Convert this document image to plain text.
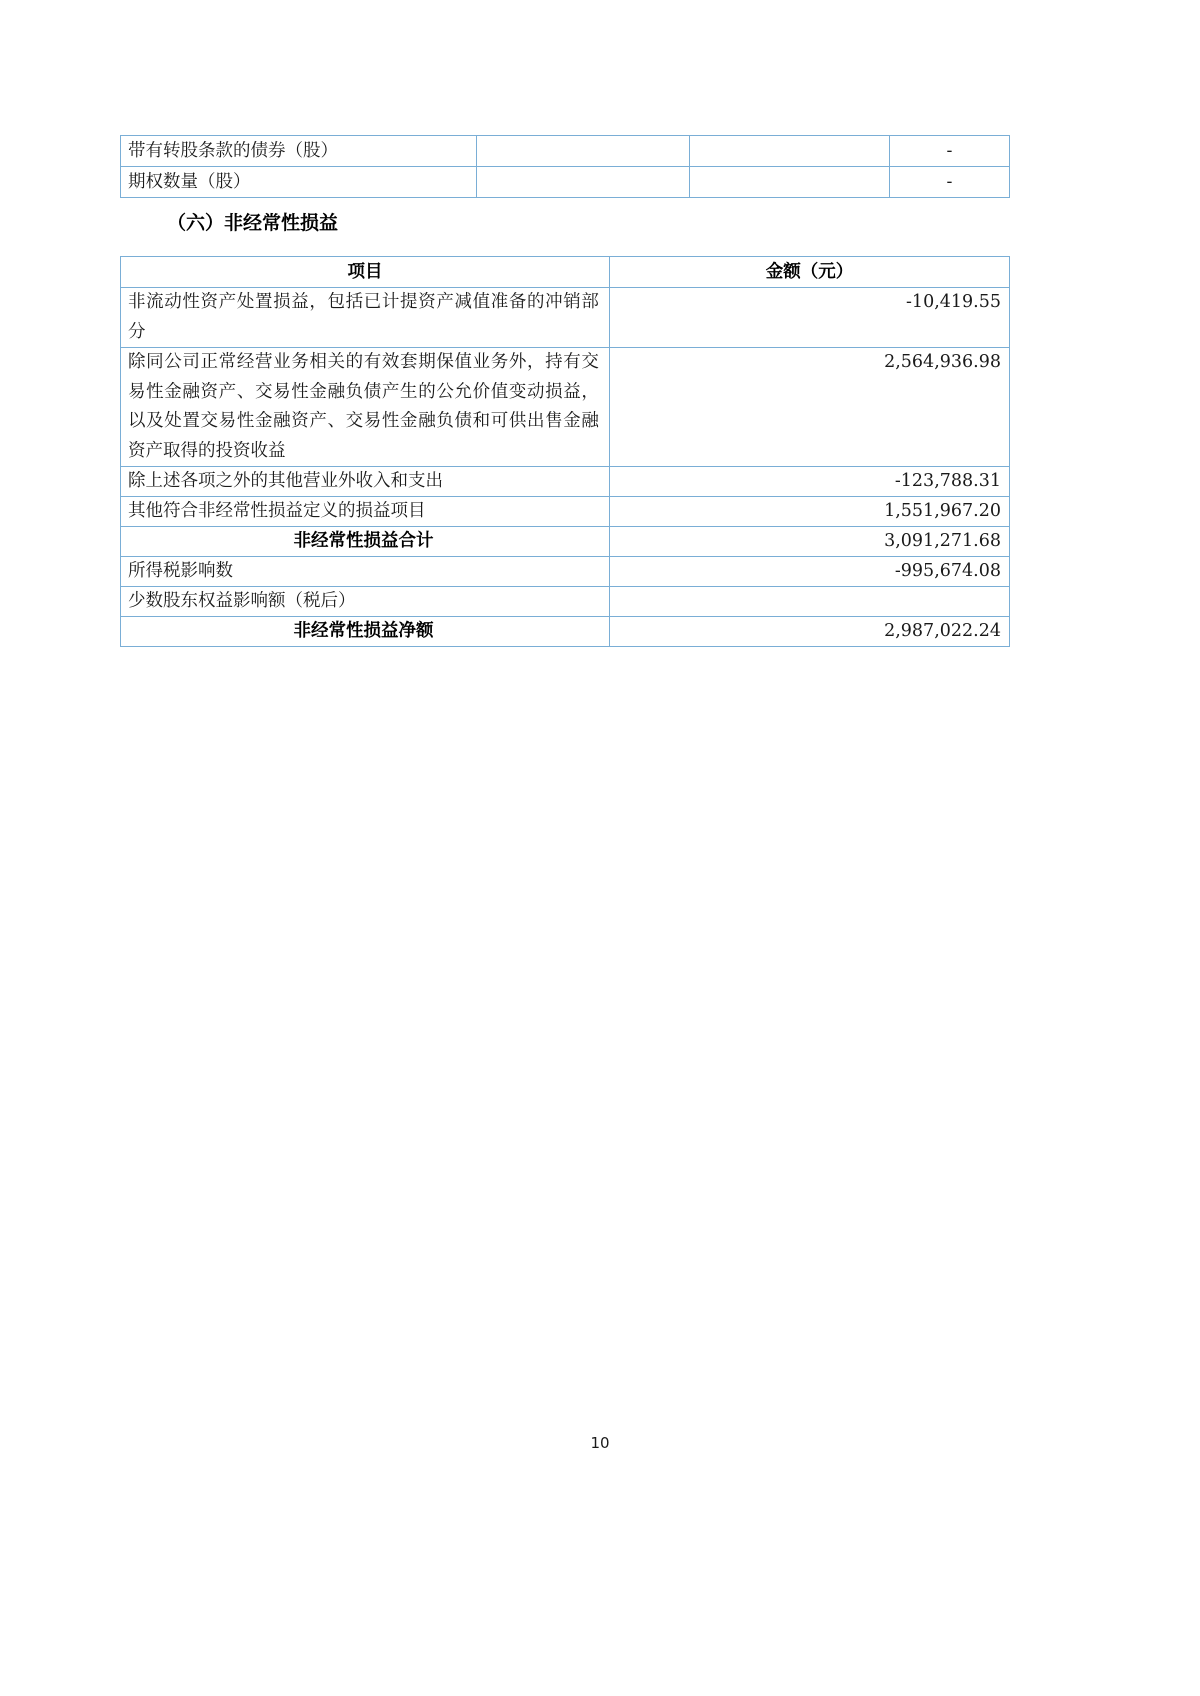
带有转股条款的债券（股）			-
期权数量（股）			-
（六）非经常性损益
项目	金额（元）
非流动性资产处置损益，包括已计提资产减值准备的冲销部分	-10,419.55
除同公司正常经营业务相关的有效套期保值业务外，持有交易性金融资产、交易性金融负债产生的公允价值变动损益，以及处置交易性金融资产、交易性金融负债和可供出售金融资产取得的投资收益	2,564,936.98
除上述各项之外的其他营业外收入和支出	-123,788.31
其他符合非经常性损益定义的损益项目	1,551,967.20
非经常性损益合计	3,091,271.68
所得税影响数	-995,674.08
少数股东权益影响额（税后）	
非经常性损益净额	2,987,022.24
10
